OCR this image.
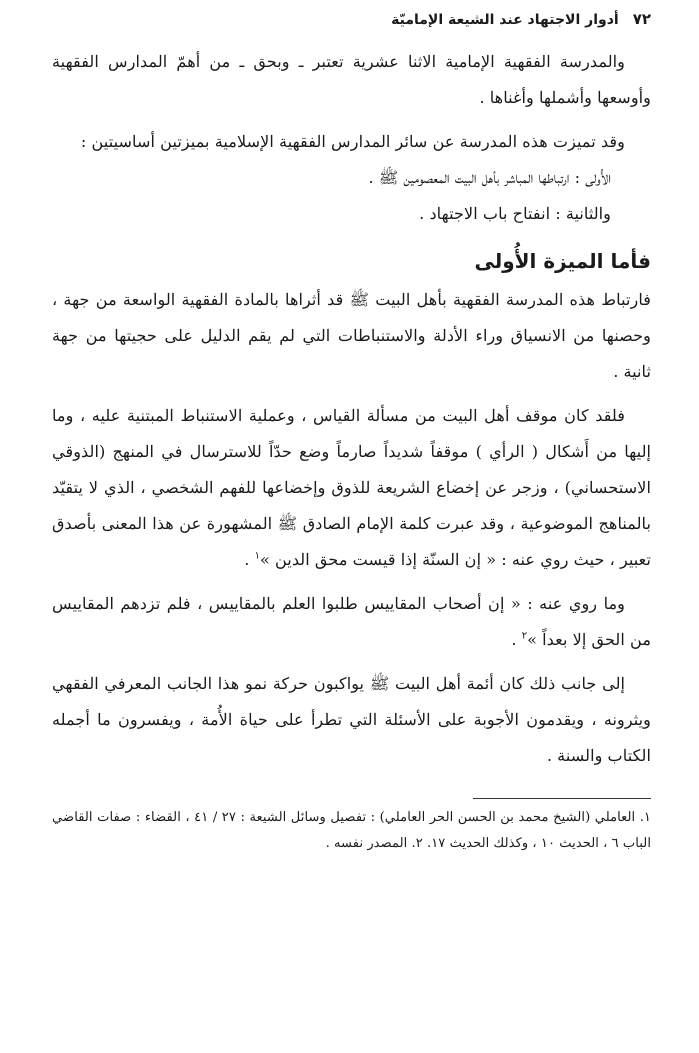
٧٢
أدوار الاجتهاد عند الشيعة الإماميّة

والمدرسة الفقهية الإمامية الاثنا عشرية تعتبر ـ وبحق ـ من أهمّ المدارس الفقهية وأوسعها وأشملها وأغناها .

وقد تميزت هذه المدرسة عن سائر المدارس الفقهية الإسلامية بميزتين أساسيتين :

الأُولى : ارتباطها المباشر بأهل البيت المعصومين ﷺ .

والثانية : انفتاح باب الاجتهاد .

فأما الميزة الأُولى

فارتباط هذه المدرسة الفقهية بأهل البيت ﷺ قد أثراها بالمادة الفقهية الواسعة من جهة ، وحصنها من الانسياق وراء الأدلة والاستنباطات التي لم يقم الدليل على حجيتها من جهة ثانية .

فلقد كان موقف أهل البيت من مسألة القياس ، وعملية الاستنباط المبتنية عليه ، وما إليها من أَشكال ( الرأي ) موقفاً شديداً صارماً وضع حدّاً للاسترسال في المنهج (الذوقي الاستحساني) ، وزجر عن إخضاع الشريعة للذوق وإخضاعها للفهم الشخصي ، الذي لا يتقيّد بالمناهج الموضوعية ، وقد عبرت كلمة الإمام الصادق ﷺ المشهورة عن هذا المعنى بأصدق تعبير ، حيث روي عنه : « إن السنّة إذا قيست محق الدين »$^١$ .

وما روي عنه : « إن أصحاب المقاييس طلبوا العلم بالمقاييس ، فلم تزدهم المقاييس من الحق إلا بعداً »$^٢$ .

إلى جانب ذلك كان أئمة أهل البيت ﷺ يواكبون حركة نمو هذا الجانب المعرفي الفقهي ويثرونه ، ويقدمون الأجوبة على الأسئلة التي تطرأ على حياة الأُمة ، ويفسرون ما أجمله الكتاب والسنة .

١. العاملي (الشيخ محمد بن الحسن الحر العاملي) : تفصيل وسائل الشيعة : ٢٧ / ٤١ ، القضاء : صفات القاضي الباب ٦ ، الحديث ١٠ ، وكذلك الحديث ١٧. ٢. المصدر نفسه .
